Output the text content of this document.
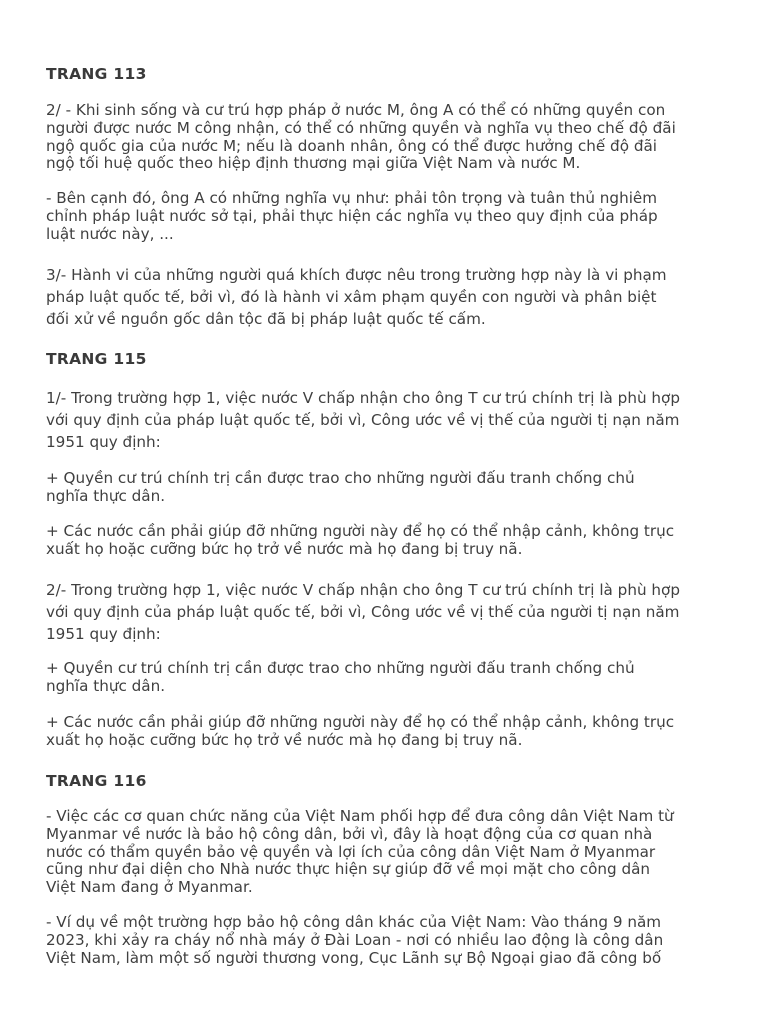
TRANG 113
2/ - Khi sinh sống và cư trú hợp pháp ở nước M, ông A có thể có những quyền con
người được nước M công nhận, có thể có những quyền và nghĩa vụ theo chế độ đãi
ngộ quốc gia của nước M; nếu là doanh nhân, ông có thể được hưởng chế độ đãi
ngộ tối huệ quốc theo hiệp định thương mại giữa Việt Nam và nước M.
- Bên cạnh đó, ông A có những nghĩa vụ như: phải tôn trọng và tuân thủ nghiêm
chỉnh pháp luật nước sở tại, phải thực hiện các nghĩa vụ theo quy định của pháp
luật nước này, ...
3/- Hành vi của những người quá khích được nêu trong trường hợp này là vi phạm
pháp luật quốc tế, bởi vì, đó là hành vi xâm phạm quyền con người và phân biệt
đối xử về nguồn gốc dân tộc đã bị pháp luật quốc tế cấm.
TRANG 115
1/- Trong trường hợp 1, việc nước V chấp nhận cho ông T cư trú chính trị là phù hợp
với quy định của pháp luật quốc tế, bởi vì, Công ước về vị thế của người tị nạn năm
1951 quy định:
+ Quyền cư trú chính trị cần được trao cho những người đấu tranh chống chủ
nghĩa thực dân.
+ Các nước cần phải giúp đỡ những người này để họ có thể nhập cảnh, không trục
xuất họ hoặc cưỡng bức họ trở về nước mà họ đang bị truy nã.
2/- Trong trường hợp 1, việc nước V chấp nhận cho ông T cư trú chính trị là phù hợp
với quy định của pháp luật quốc tế, bởi vì, Công ước về vị thế của người tị nạn năm
1951 quy định:
+ Quyền cư trú chính trị cần được trao cho những người đấu tranh chống chủ
nghĩa thực dân.
+ Các nước cần phải giúp đỡ những người này để họ có thể nhập cảnh, không trục
xuất họ hoặc cưỡng bức họ trở về nước mà họ đang bị truy nã.
TRANG 116
- Việc các cơ quan chức năng của Việt Nam phối hợp để đưa công dân Việt Nam từ
Myanmar về nước là bảo hộ công dân, bởi vì, đây là hoạt động của cơ quan nhà
nước có thẩm quyền bảo vệ quyền và lợi ích của công dân Việt Nam ở Myanmar
cũng như đại diện cho Nhà nước thực hiện sự giúp đỡ về mọi mặt cho công dân
Việt Nam đang ở Myanmar.
- Ví dụ về một trường hợp bảo hộ công dân khác của Việt Nam: Vào tháng 9 năm
2023, khi xảy ra cháy nổ nhà máy ở Đài Loan - nơi có nhiều lao động là công dân
Việt Nam, làm một số người thương vong, Cục Lãnh sự Bộ Ngoại giao đã công bố
